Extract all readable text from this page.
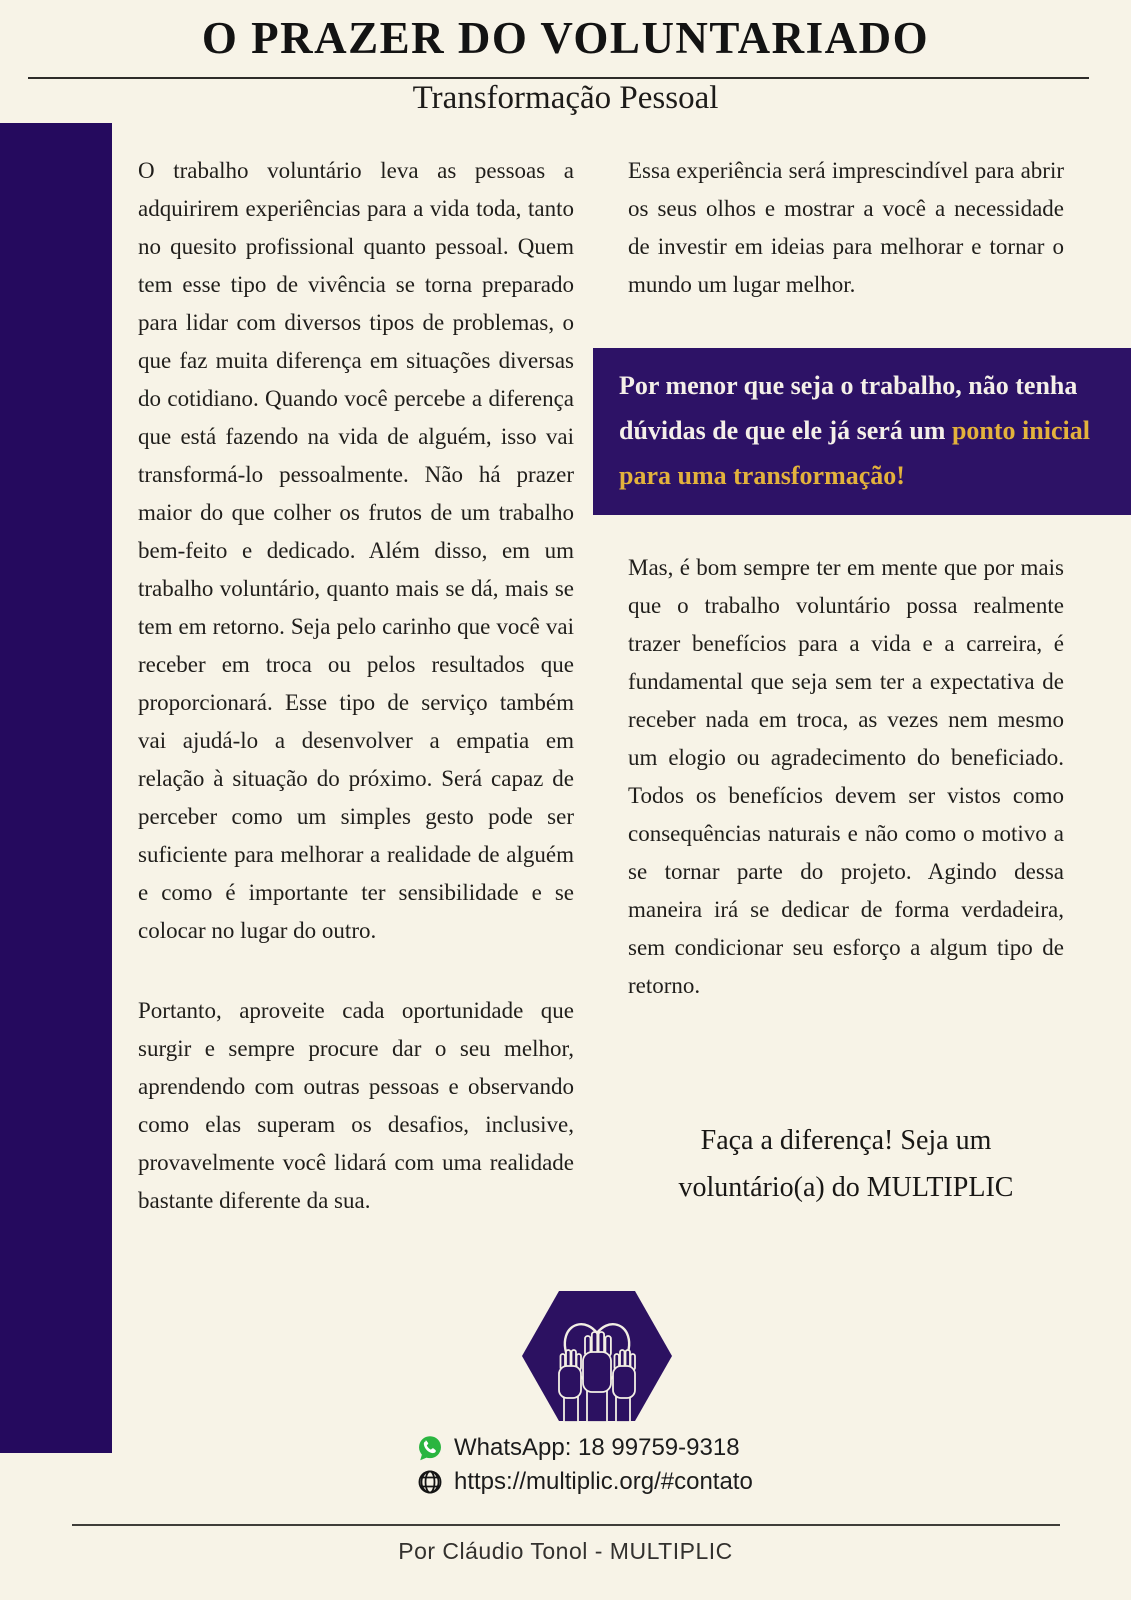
O PRAZER DO VOLUNTARIADO
Transformação Pessoal

O trabalho voluntário leva as pessoas a adquirirem experiências para a vida toda, tanto no quesito profissional quanto pessoal. Quem tem esse tipo de vivência se torna preparado para lidar com diversos tipos de problemas, o que faz muita diferença em situações diversas do cotidiano. Quando você percebe a diferença que está fazendo na vida de alguém, isso vai transformá-lo pessoalmente. Não há prazer maior do que colher os frutos de um trabalho bem-feito e dedicado. Além disso, em um trabalho voluntário, quanto mais se dá, mais se tem em retorno. Seja pelo carinho que você vai receber em troca ou pelos resultados que proporcionará. Esse tipo de serviço também vai ajudá-lo a desenvolver a empatia em relação à situação do próximo. Será capaz de perceber como um simples gesto pode ser suficiente para melhorar a realidade de alguém e como é importante ter sensibilidade e se colocar no lugar do outro.

Portanto, aproveite cada oportunidade que surgir e sempre procure dar o seu melhor, aprendendo com outras pessoas e observando como elas superam os desafios, inclusive, provavelmente você lidará com uma realidade bastante diferente da sua.

Essa experiência será imprescindível para abrir os seus olhos e mostrar a você a necessidade de investir em ideias para melhorar e tornar o mundo um lugar melhor.

Por menor que seja o trabalho, não tenha dúvidas de que ele já será um ponto inicial para uma transformação!

Mas, é bom sempre ter em mente que por mais que o trabalho voluntário possa realmente trazer benefícios para a vida e a carreira, é fundamental que seja sem ter a expectativa de receber nada em troca, as vezes nem mesmo um elogio ou agradecimento do beneficiado. Todos os benefícios devem ser vistos como consequências naturais e não como o motivo a se tornar parte do projeto. Agindo dessa maneira irá se dedicar de forma verdadeira, sem condicionar seu esforço a algum tipo de retorno.

Faça a diferença! Seja um voluntário(a) do MULTIPLIC

WhatsApp: 18 99759-9318
https://multiplic.org/#contato
Por Cláudio Tonol - MULTIPLIC
